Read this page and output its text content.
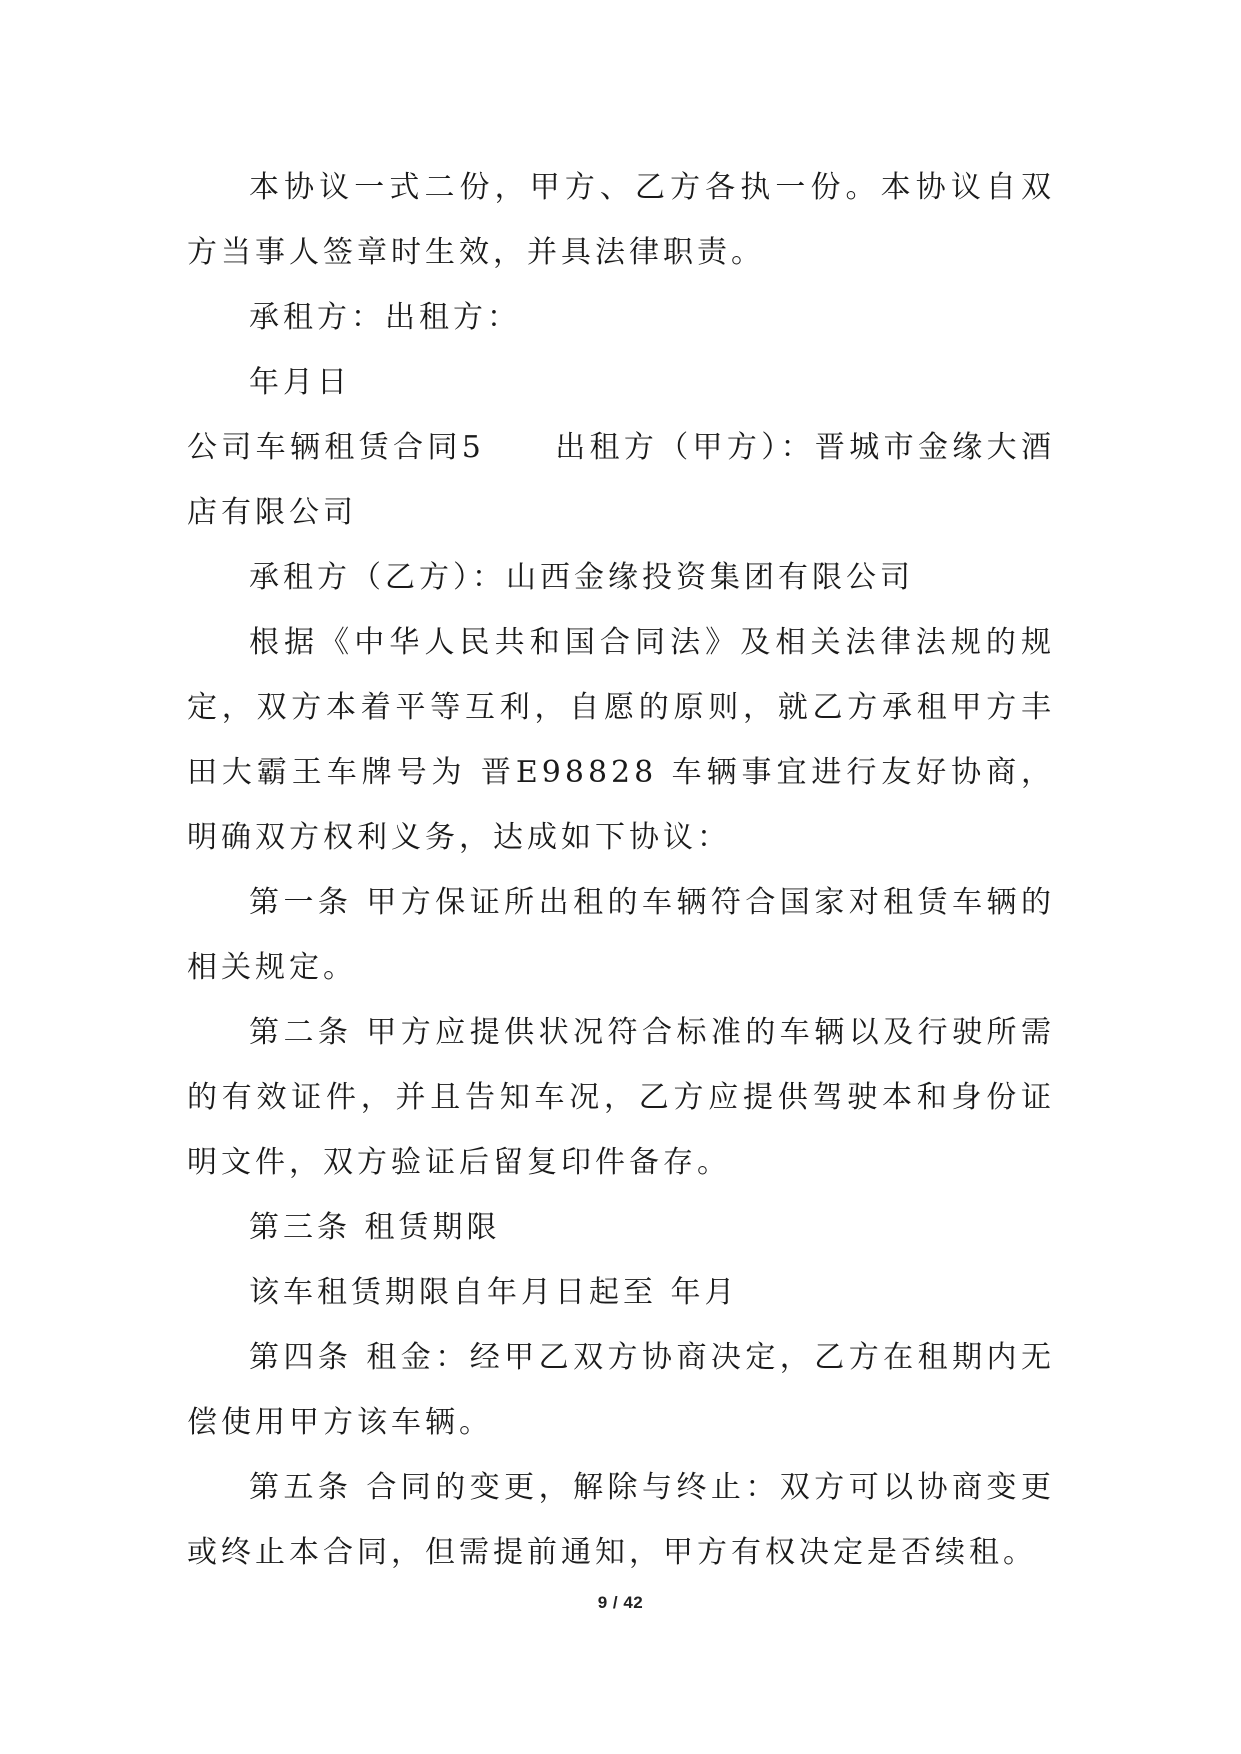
本协议一式二份，甲方、乙方各执一份。本协议自双方当事人签章时生效，并具法律职责。

承租方：出租方：

年月日

公司车辆租赁合同5 出租方（甲方）：晋城市金缘大酒店有限公司

承租方（乙方）：山西金缘投资集团有限公司

根据《中华人民共和国合同法》及相关法律法规的规定，双方本着平等互利，自愿的原则，就乙方承租甲方丰田大霸王车牌号为 晋E98828 车辆事宜进行友好协商，明确双方权利义务，达成如下协议：

第一条 甲方保证所出租的车辆符合国家对租赁车辆的相关规定。

第二条 甲方应提供状况符合标准的车辆以及行驶所需的有效证件，并且告知车况，乙方应提供驾驶本和身份证明文件，双方验证后留复印件备存。

第三条 租赁期限

该车租赁期限自年月日起至 年月

第四条 租金：经甲乙双方协商决定，乙方在租期内无偿使用甲方该车辆。

第五条 合同的变更，解除与终止：双方可以协商变更或终止本合同，但需提前通知，甲方有权决定是否续租。

9 / 42
